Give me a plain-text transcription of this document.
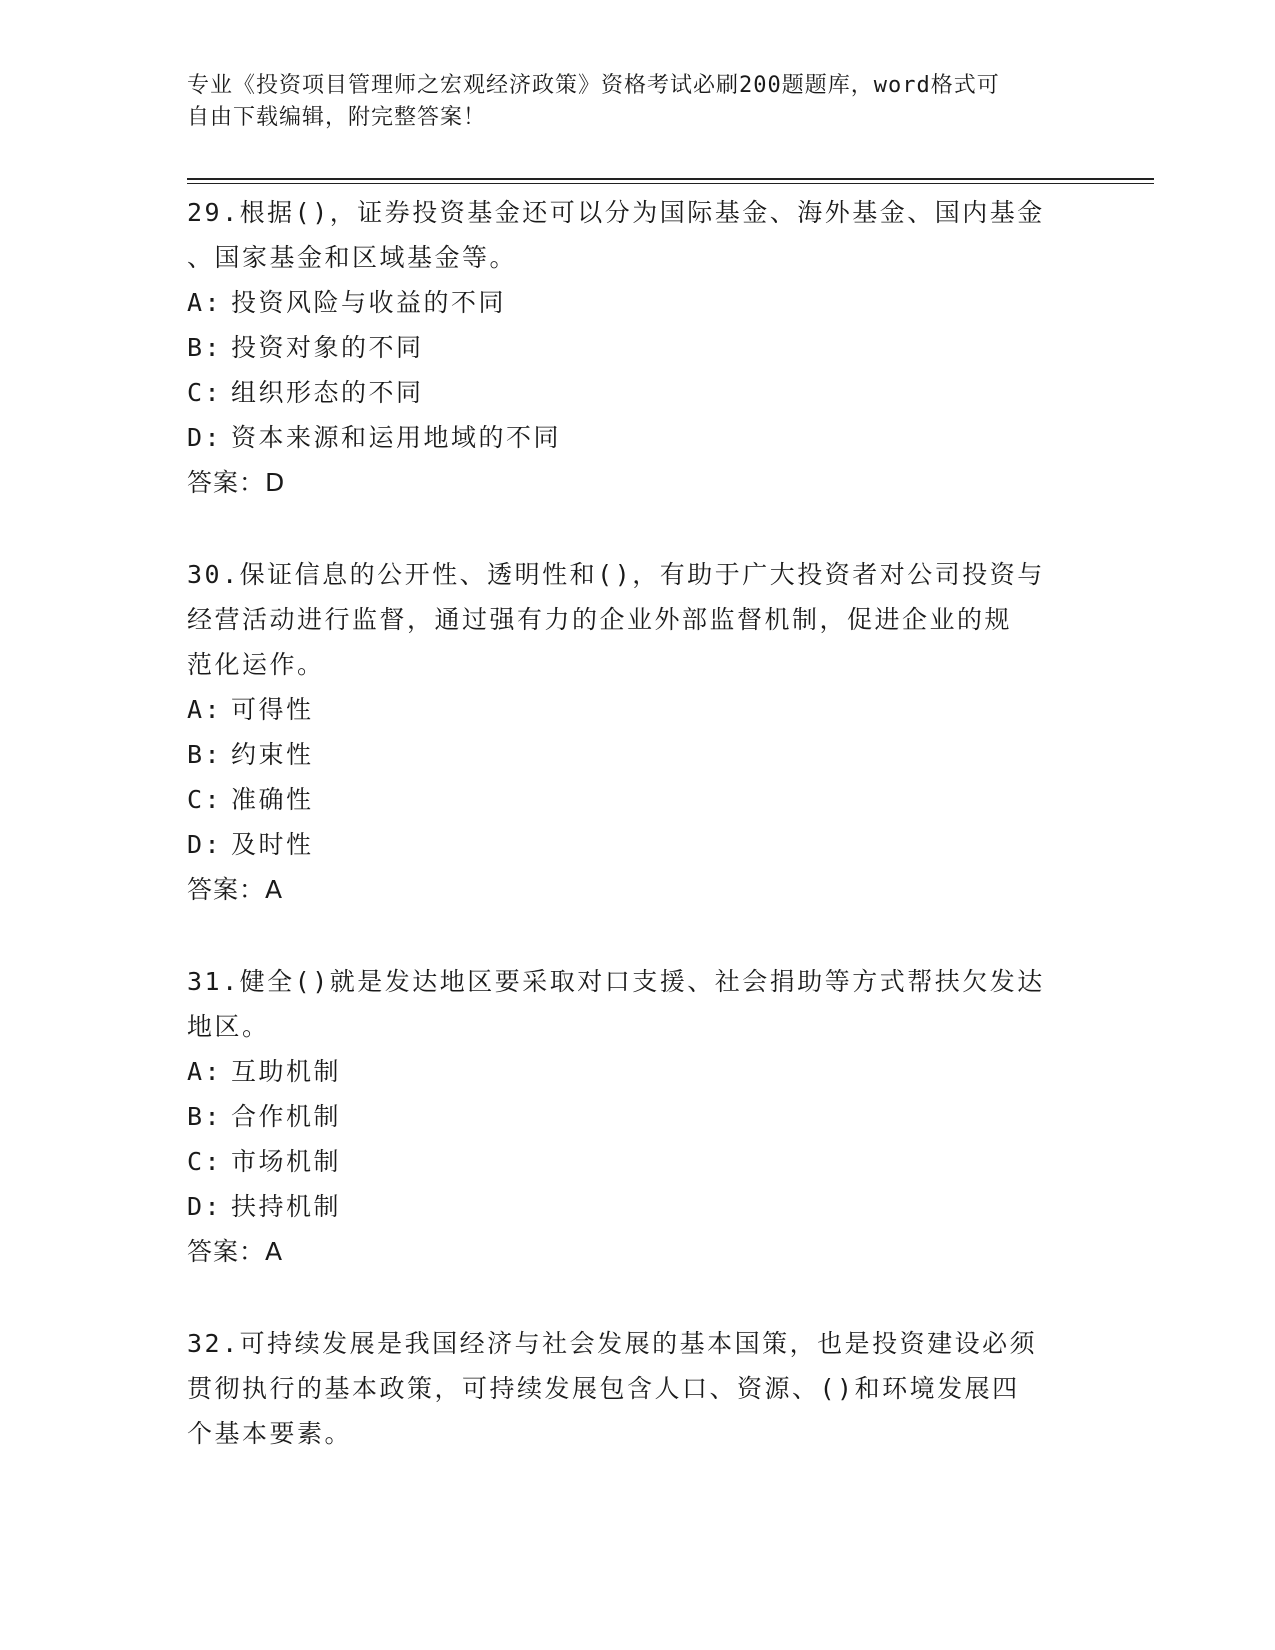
专业《投资项目管理师之宏观经济政策》资格考试必刷200题题库，word格式可
自由下载编辑，附完整答案！
29.根据()，证券投资基金还可以分为国际基金、海外基金、国内基金
、国家基金和区域基金等。
A: 投资风险与收益的不同
B: 投资对象的不同
C: 组织形态的不同
D: 资本来源和运用地域的不同
答案：D
30.保证信息的公开性、透明性和()，有助于广大投资者对公司投资与
经营活动进行监督，通过强有力的企业外部监督机制，促进企业的规
范化运作。
A: 可得性
B: 约束性
C: 准确性
D: 及时性
答案：A
31.健全()就是发达地区要采取对口支援、社会捐助等方式帮扶欠发达
地区。
A: 互助机制
B: 合作机制
C: 市场机制
D: 扶持机制
答案：A
32.可持续发展是我国经济与社会发展的基本国策，也是投资建设必须
贯彻执行的基本政策，可持续发展包含人口、资源、()和环境发展四
个基本要素。
